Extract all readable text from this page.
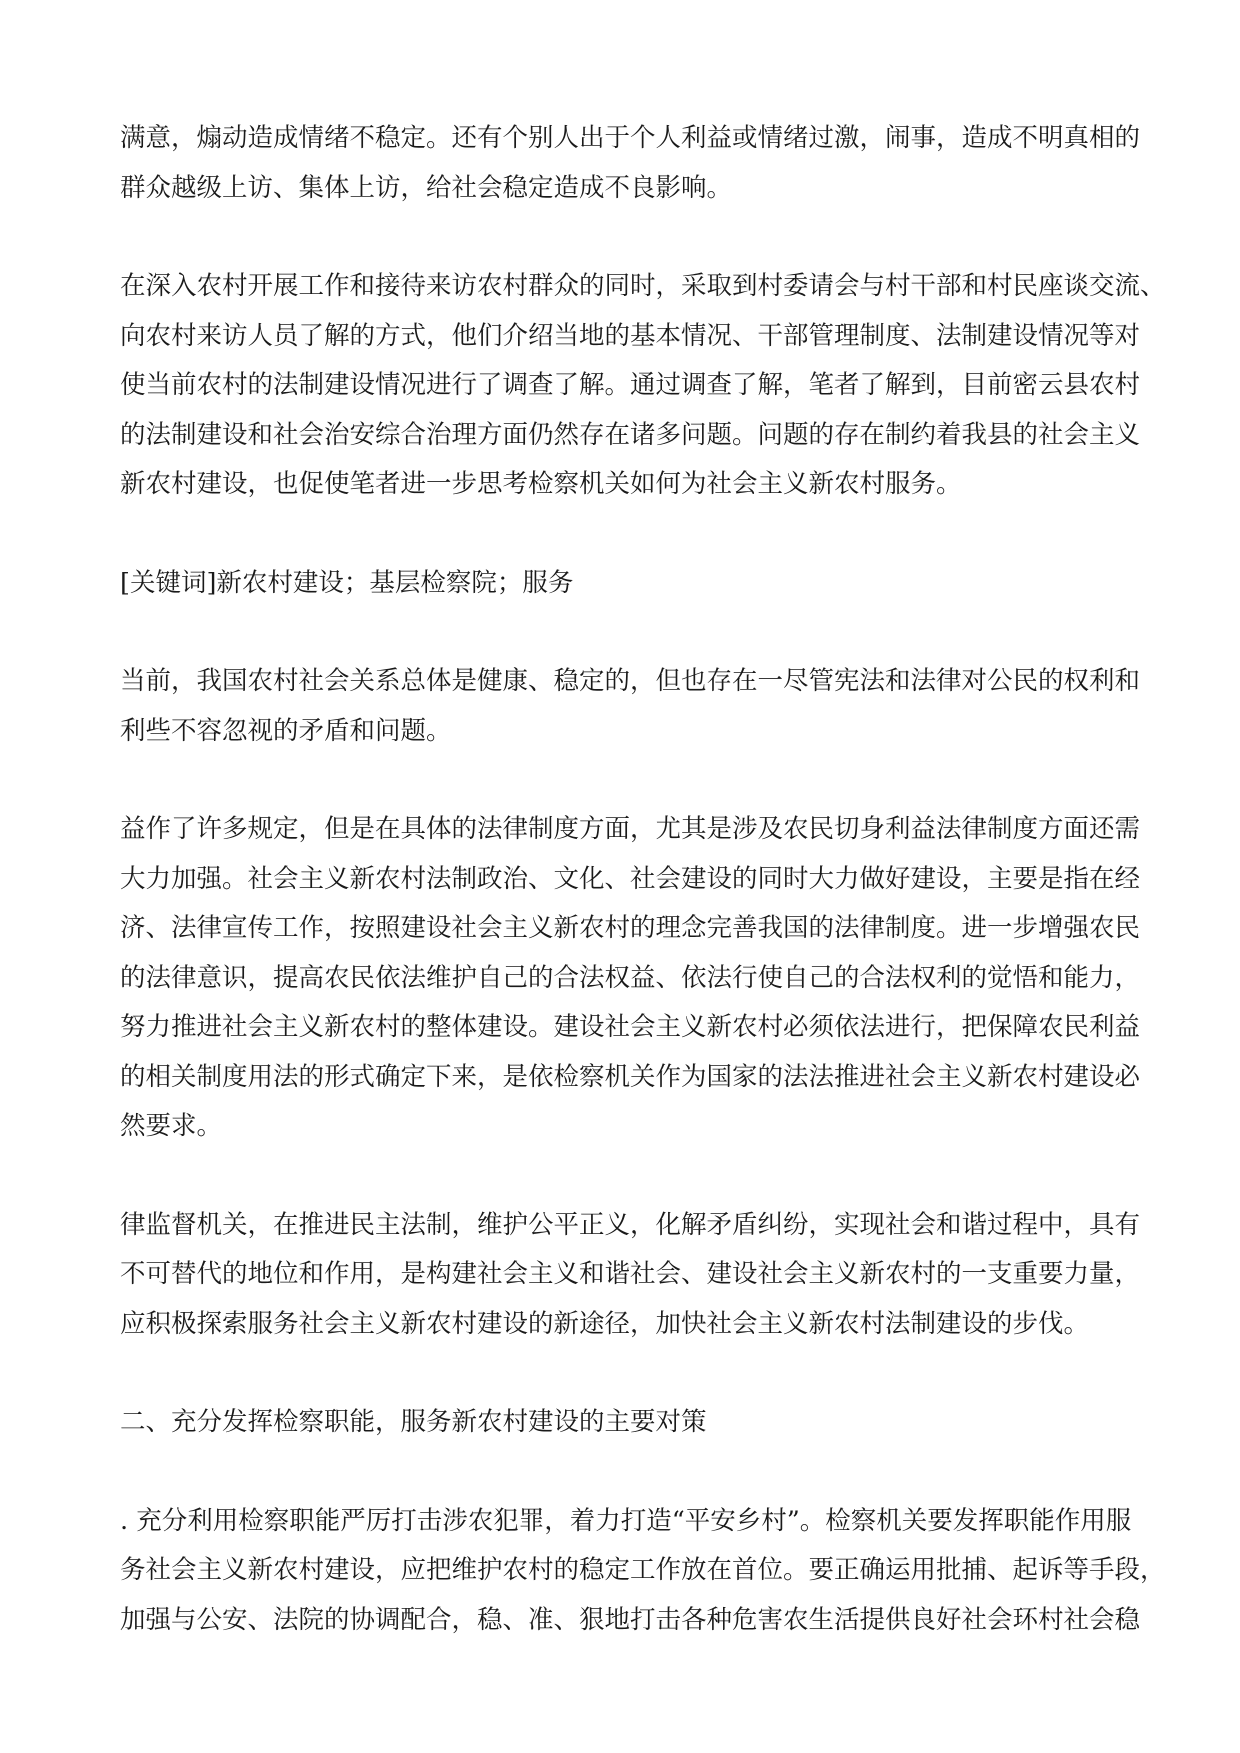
满意，煽动造成情绪不稳定。还有个别人出于个人利益或情绪过激，闹事，造成不明真相的
群众越级上访、集体上访，给社会稳定造成不良影响。

在深入农村开展工作和接待来访农村群众的同时，采取到村委请会与村干部和村民座谈交流、
向农村来访人员了解的方式，他们介绍当地的基本情况、干部管理制度、法制建设情况等对
使当前农村的法制建设情况进行了调查了解。通过调查了解，笔者了解到，目前密云县农村
的法制建设和社会治安综合治理方面仍然存在诸多问题。问题的存在制约着我县的社会主义
新农村建设，也促使笔者进一步思考检察机关如何为社会主义新农村服务。

[关键词]新农村建设；基层检察院；服务

当前，我国农村社会关系总体是健康、稳定的，但也存在一尽管宪法和法律对公民的权利和
利些不容忽视的矛盾和问题。

益作了许多规定，但是在具体的法律制度方面，尤其是涉及农民切身利益法律制度方面还需
大力加强。社会主义新农村法制政治、文化、社会建设的同时大力做好建设，主要是指在经
济、法律宣传工作，按照建设社会主义新农村的理念完善我国的法律制度。进一步增强农民
的法律意识，提高农民依法维护自己的合法权益、依法行使自己的合法权利的觉悟和能力，
努力推进社会主义新农村的整体建设。建设社会主义新农村必须依法进行，把保障农民利益
的相关制度用法的形式确定下来，是依检察机关作为国家的法法推进社会主义新农村建设必
然要求。

律监督机关，在推进民主法制，维护公平正义，化解矛盾纠纷，实现社会和谐过程中，具有
不可替代的地位和作用，是构建社会主义和谐社会、建设社会主义新农村的一支重要力量，
应积极探索服务社会主义新农村建设的新途径，加快社会主义新农村法制建设的步伐。

二、充分发挥检察职能，服务新农村建设的主要对策

. 充分利用检察职能严厉打击涉农犯罪，着力打造“平安乡村”。检察机关要发挥职能作用服
务社会主义新农村建设，应把维护农村的稳定工作放在首位。要正确运用批捕、起诉等手段，
加强与公安、法院的协调配合，稳、准、狠地打击各种危害农生活提供良好社会环村社会稳
